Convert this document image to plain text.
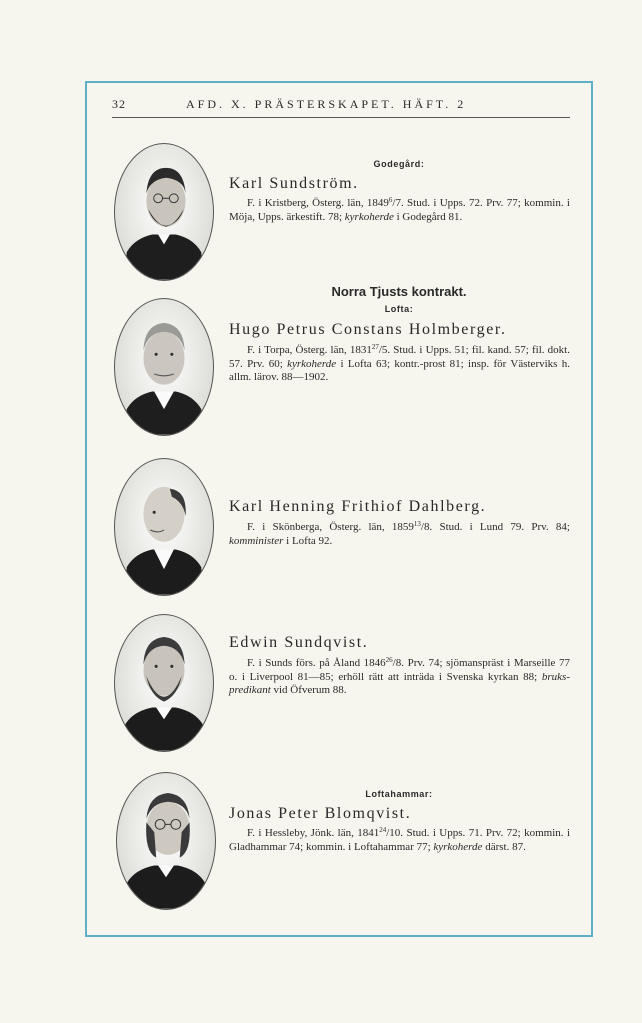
32	AFD. X. PRÄSTERSKAPET. HÄFT. 2
Godegård:
Karl Sundström.
F. i Kristberg, Österg. län, 1849$^6$/7. Stud. i Upps. 72. Prv. 77; kommin. i Möja, Upps. ärkestift. 78; kyrkoherde i Godegård 81.
Norra Tjusts kontrakt.
Lofta:
Hugo Petrus Constans Holmberger.
F. i Torpa, Österg. län, 1831$^{27}$/5. Stud. i Upps. 51; fil. kand. 57; fil. dokt. 57. Prv. 60; kyrkoherde i Lofta 63; kontr.-prost 81; insp. för Västerviks h. allm. lärov. 88—1902.
Karl Henning Frithiof Dahlberg.
F. i Skönberga, Österg. län, 1859$^{13}$/8. Stud. i Lund 79. Prv. 84; komminister i Lofta 92.
Edwin Sundqvist.
F. i Sunds förs. på Åland 1846$^{26}$/8. Prv. 74; sjömanspräst i Marseille 77 o. i Liverpool 81—85; erhöll rätt att inträda i Svenska kyrkan 88; brukspredikant vid Öfverum 88.
Loftahammar:
Jonas Peter Blomqvist.
F. i Hessleby, Jönk. län, 1841$^{24}$/10. Stud. i Upps. 71. Prv. 72; kommin. i Gladhammar 74; kommin. i Loftahammar 77; kyrkoherde därst. 87.
